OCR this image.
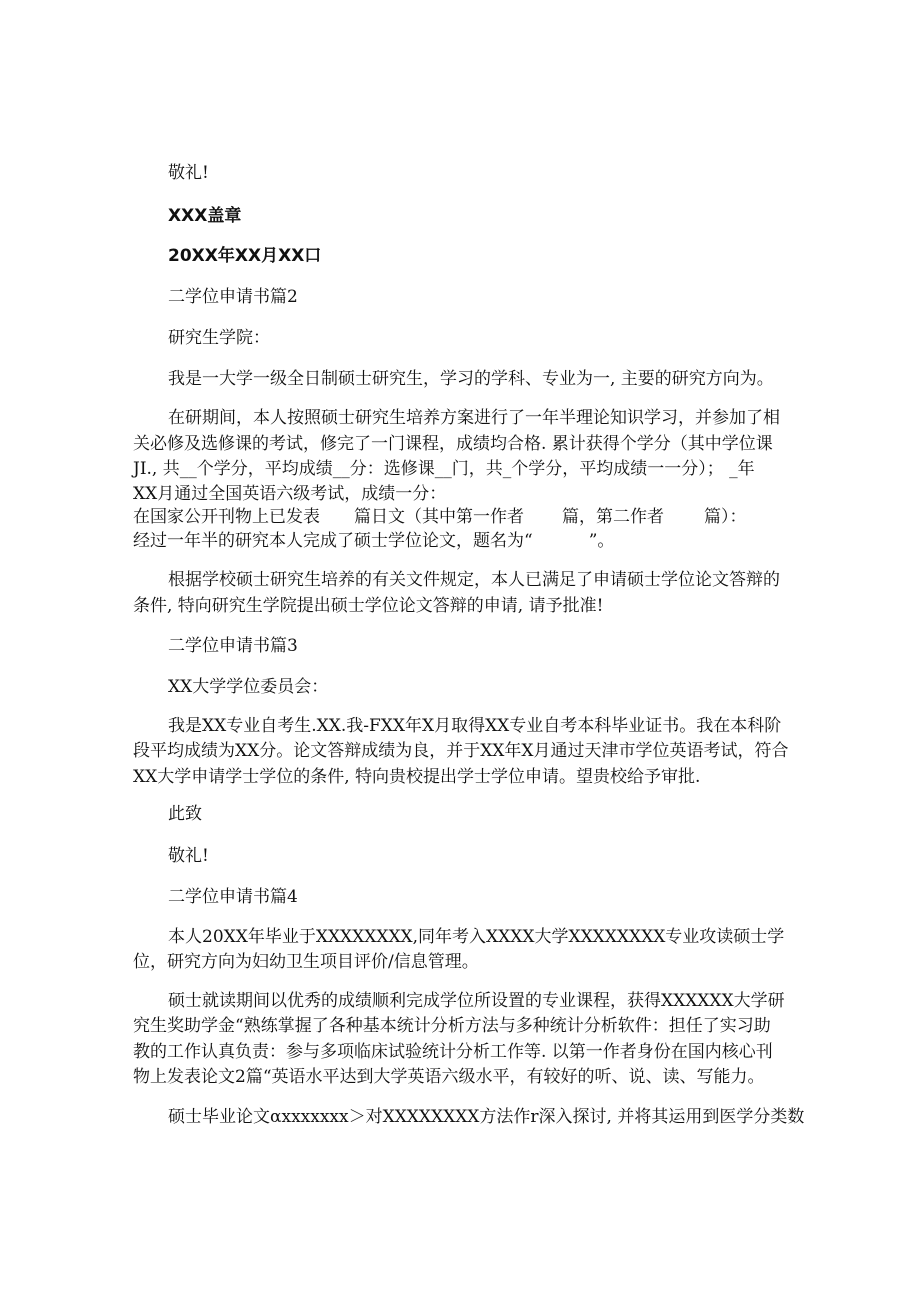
敬礼!
XXX盖章
20XX年XX月XX口
二学位申请书篇2
研究生学院：
我是一大学一级全日制硕士研究生，学习的学科、专业为一, 主要的研究方向为。
在研期间，本人按照硕士研究生培养方案进行了一年半理论知识学习，并参加了相
关必修及选修课的考试，修完了一门课程，成绩均合格. 累计获得个学分（其中学位课
JI., 共__个学分，平均成绩__分：选修课__门，共_个学分，平均成绩一一分）； _年
XX月通过全国英语六级考试，成绩一分：
在国家公开刊物上已发表 篇日文（其中第一作者 篇，第二作者 篇）：
经过一年半的研究本人完成了硕士学位论文，题名为“	”。
根据学校硕士研究生培养的有关文件规定，本人已满足了申请硕士学位论文答辩的
条件, 特向研究生学院提出硕士学位论文答辩的申请, 请予批准!
二学位申请书篇3
XX大学学位委员会：
我是XX专业自考生.XX.我-FXX年X月取得XX专业自考本科毕业证书。我在本科阶
段平均成绩为XX分。论文答辩成绩为良，并于XX年X月通过天津市学位英语考试，符合
XX大学申请学士学位的条件, 特向贵校提出学士学位申请。望贵校给予审批.
此致
敬礼!
二学位申请书篇4
本人20XX年毕业于XXXXXXXX,同年考入XXXX大学XXXXXXXX专业攻读硕士学
位，研究方向为妇幼卫生项目评价/信息管理。
硕士就读期间以优秀的成绩顺利完成学位所设置的专业课程，获得XXXXXX大学研
究生奖助学金“熟练掌握了各种基本统计分析方法与多种统计分析软件：担任了实习助
教的工作认真负责：参与多项临床试验统计分析工作等. 以第一作者身份在国内核心刊
物上发表论文2篇“英语水平达到大学英语六级水平，有较好的听、说、读、写能力。
硕士毕业论文αxxxxxxx＞对XXXXXXXX方法作r深入探讨, 并将其运用到医学分类数
